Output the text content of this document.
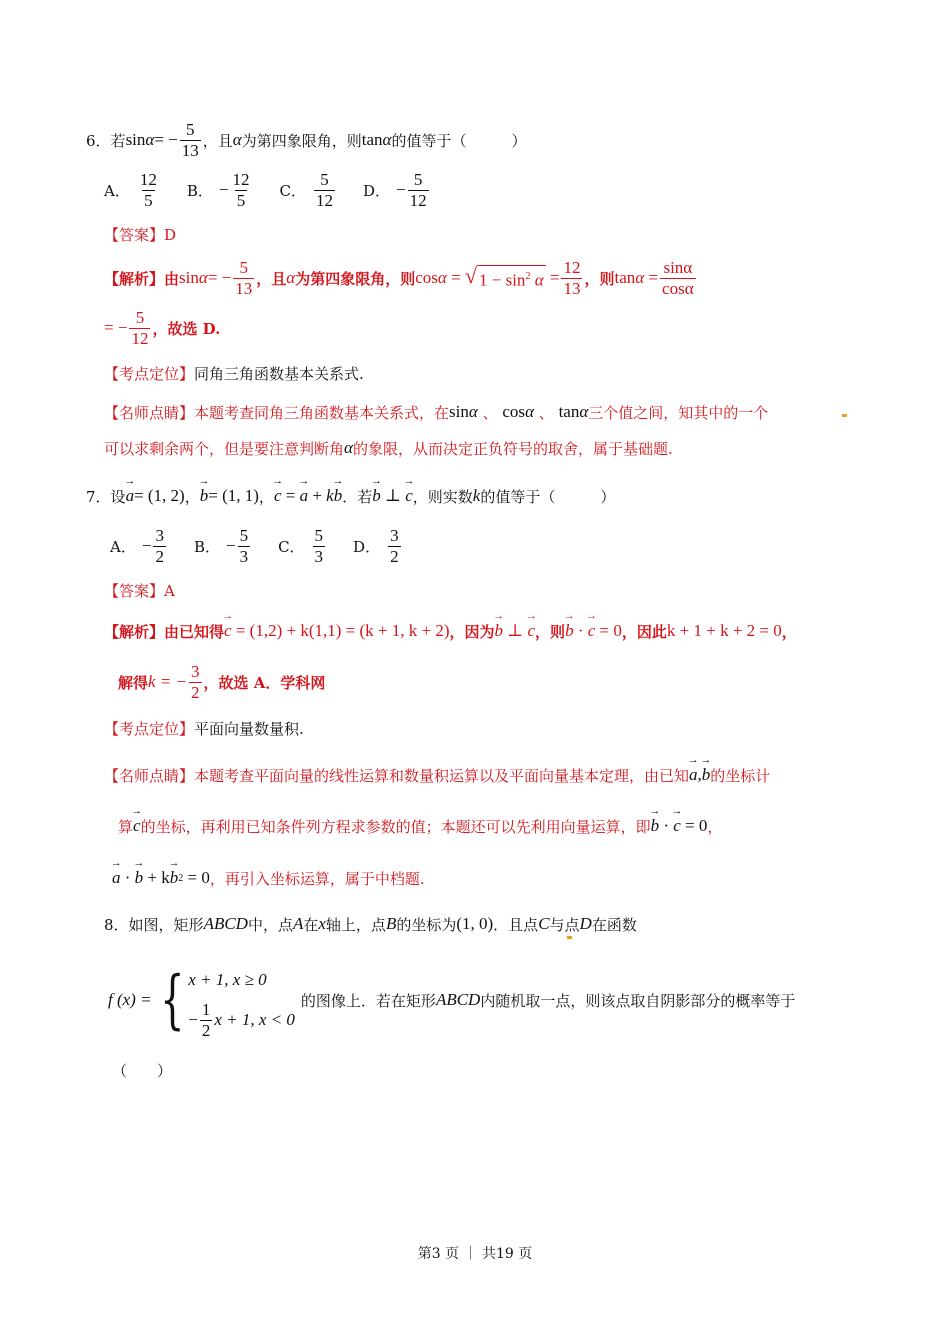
6． 若 sin α = − $\frac{5}{13}$ ，且 α 为第四象限角，则 tan α 的值等于（　　　）
A． $\frac{12}{5}$ B． − $\frac{12}{5}$ C． $\frac{5}{12}$ D． − $\frac{5}{12}$
【答案】D
【解析】 由 sin α = − $\frac{5}{13}$ ，且 α 为第四象限角，则 cos α = √ $1 - \sin^2 \alpha = \frac{12}{13}$ ，则 $\tan \alpha = \frac{\sin\alpha}{\cos\alpha}$
= − $\frac{5}{12}$ ，故选 D.
【考点定位】同角三角函数基本关系式.
【名师点睛】 本题考查同角三角函数基本关系式，在 sin α
、
cos α
、
tan α 三个值之间，知其中的一个
可以求剩余两个，但是要注意判断角 α 的象限，从而决定正负符号的取舍，属于基础题.
7． 设 → a = (1, 2) ， → b = (1, 1) ， → c
=
→ a
+
k → b ．若 → b
⊥
→ c ，则实数 k 的值等于（　　　）
A． − $\frac{3}{2}$ B． − $\frac{5}{3}$ C． $\frac{5}{3}$ D． $\frac{3}{2}$
【答案】A
【解析】 由已知得 → c
= (1,2) + k(1,1) = (k + 1, k + 2) ，因为 → b
⊥
→ c ，则 → b · → c
= 0 ，因此 k + 1 + k + 2 = 0 ，
解得 k = − $\frac{3}{2}$ ，故选 A．学科网
【考点定位】平面向量数量积.
【名师点睛】 本题考查平面向量的线性运算和数量积运算以及平面向量基本定理，由已知 → a , → b 的坐标计
算 → c 的坐标，再利用已知条件列方程求参数的值；本题还可以先利用向量运算，即 → b · → c
= 0 ，
→ a · → b
+ k → b 2
= 0 ，再引入坐标运算，属于中档题.
8． 如图，矩形 ABCD 中，点 A 在 x 轴上，点 B 的坐标为 (1, 0) ．且点 C 与点 D 在函数
f (x) = { x + 1, x ≥ 0
− $\frac{1}{2}$ x + 1, x < 0
的图像上．若在矩形 ABCD 内随机取一点，则该点取自阴影部分的概率等于
（　　）
第3 页 ｜ 共19 页
